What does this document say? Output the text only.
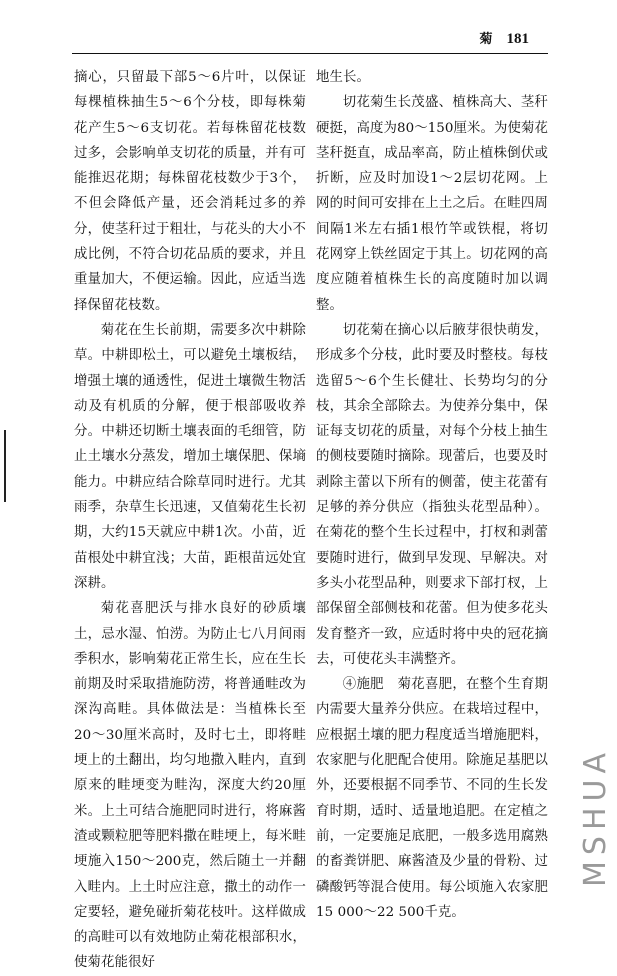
菊 181

摘心，只留最下部5～6片叶，以保证每棵植株抽生5～6个分枝，即每株菊花产生5～6支切花。若每株留花枝数过多，会影响单支切花的质量，并有可能推迟花期；每株留花枝数少于3个，不但会降低产量，还会消耗过多的养分，使茎秆过于粗壮，与花头的大小不成比例，不符合切花品质的要求，并且重量加大，不便运输。因此，应适当选择保留花枝数。

菊花在生长前期，需要多次中耕除草。中耕即松土，可以避免土壤板结，增强土壤的通透性，促进土壤微生物活动及有机质的分解，便于根部吸收养分。中耕还切断土壤表面的毛细管，防止土壤水分蒸发，增加土壤保肥、保墒能力。中耕应结合除草同时进行。尤其雨季，杂草生长迅速，又值菊花生长初期，大约15天就应中耕1次。小苗，近苗根处中耕宜浅；大苗，距根苗远处宜深耕。

菊花喜肥沃与排水良好的砂质壤土，忌水湿、怕涝。为防止七八月间雨季积水，影响菊花正常生长，应在生长前期及时采取措施防涝，将普通畦改为深沟高畦。具体做法是：当植株长至20～30厘米高时，及时七土，即将畦埂上的土翻出，均匀地撒入畦内，直到原来的畦埂变为畦沟，深度大约20厘米。上土可结合施肥同时进行，将麻酱渣或颗粒肥等肥料撒在畦埂上，每米畦埂施入150～200克，然后随土一并翻入畦内。上土时应注意，撒土的动作一定要轻，避免碰折菊花枝叶。这样做成的高畦可以有效地防止菊花根部积水，使菊花能很好

地生长。

切花菊生长茂盛、植株高大、茎秆硬挺，高度为80～150厘米。为使菊花茎秆挺直，成品率高，防止植株倒伏或折断，应及时加设1～2层切花网。上网的时间可安排在上土之后。在畦四周间隔1米左右插1根竹竿或铁棍，将切花网穿上铁丝固定于其上。切花网的高度应随着植株生长的高度随时加以调整。

切花菊在摘心以后腋芽很快萌发，形成多个分枝，此时要及时整枝。每枝选留5～6个生长健壮、长势均匀的分枝，其余全部除去。为使养分集中，保证每支切花的质量，对每个分枝上抽生的侧枝要随时摘除。现蕾后，也要及时剥除主蕾以下所有的侧蕾，使主花蕾有足够的养分供应（指独头花型品种）。在菊花的整个生长过程中，打杈和剥蕾要随时进行，做到早发现、早解决。对多头小花型品种，则要求下部打杈，上部保留全部侧枝和花蕾。但为使多花头发育整齐一致，应适时将中央的冠花摘去，可使花头丰满整齐。

④施肥　菊花喜肥，在整个生育期内需要大量养分供应。在栽培过程中，应根据土壤的肥力程度适当增施肥料，农家肥与化肥配合使用。除施足基肥以外，还要根据不同季节、不同的生长发育时期，适时、适量地追肥。在定植之前，一定要施足底肥，一般多选用腐熟的畜粪饼肥、麻酱渣及少量的骨粉、过磷酸钙等混合使用。每公顷施入农家肥15 000～22 500千克。

MSHUA
